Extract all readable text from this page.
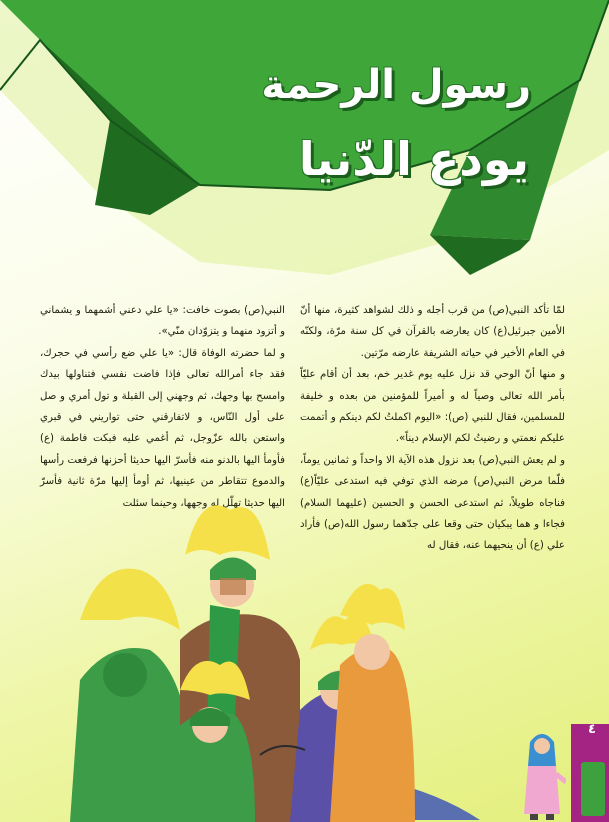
رسول الرحمة
يودع الدّنيا

لمّا تأكد النبي(ص) من قرب أجله و ذلك لشواهد كثيرة، منها أنّ الأمين جبرئيل(ع) كان يعارضه بالقرآن في كل سنة مرّة، ولكنّه في العام الأخير في حياته الشريفة عارضه مرّتين.

و منها أنّ الوحي قد نزل عليه يوم غدير خم، بعد أن أقام عليّاً بأمر الله تعالى وصياً له و أميراً للمؤمنين من بعده و خليفة للمسلمين، فقال للنبي (ص): «اليوم اكملتُ لكم دينكم و أتممت عليكم نعمتي و رضيتُ لكم الإسلام ديناً».

و لم يعش النبي(ص) بعد نزول هذه الآية الا واحداً و ثمانين يوماً، فلّما مرض النبي(ص) مرضه الذي توفي فيه استدعى عليّاً(ع) فناجاه طويلاً، ثم استدعى الحسن و الحسين (عليهما السلام) فجاءا و هما يبكيان حتى وقعا على جدّهما رسول الله(ص) فأراد علي (ع) أن ينحيهما عنه، فقال له

النبي(ص) بصوت خافت: «يا علي دعني أشمهما و يشماني و أتزود منهما و يتزوّدان منّي».

و لما حضرته الوفاة قال: «يا علي ضع رأسي في حجرك، فقد جاء أمرالله تعالى فإذا فاضت نفسي فتناولها بيدك وامسح بها وجهك، ثم وجهني إلى القبلة و تول أمري و صل على أول النّاس، و لاتفارقني حتى تواريني في قبري واستعن بالله عزّوجل، ثم أغمي عليه فبكت فاطمة (ع) فأومأ اليها بالدنو منه فأسرّ اليها حديثا أحزنها فرفعت رأسها والدموع تتقاطر من عينيها، ثم أومأ إليها مرّة ثانية فأسرّ اليها حديثا تهلّل له وجهها، وحينما سئلت

٤
